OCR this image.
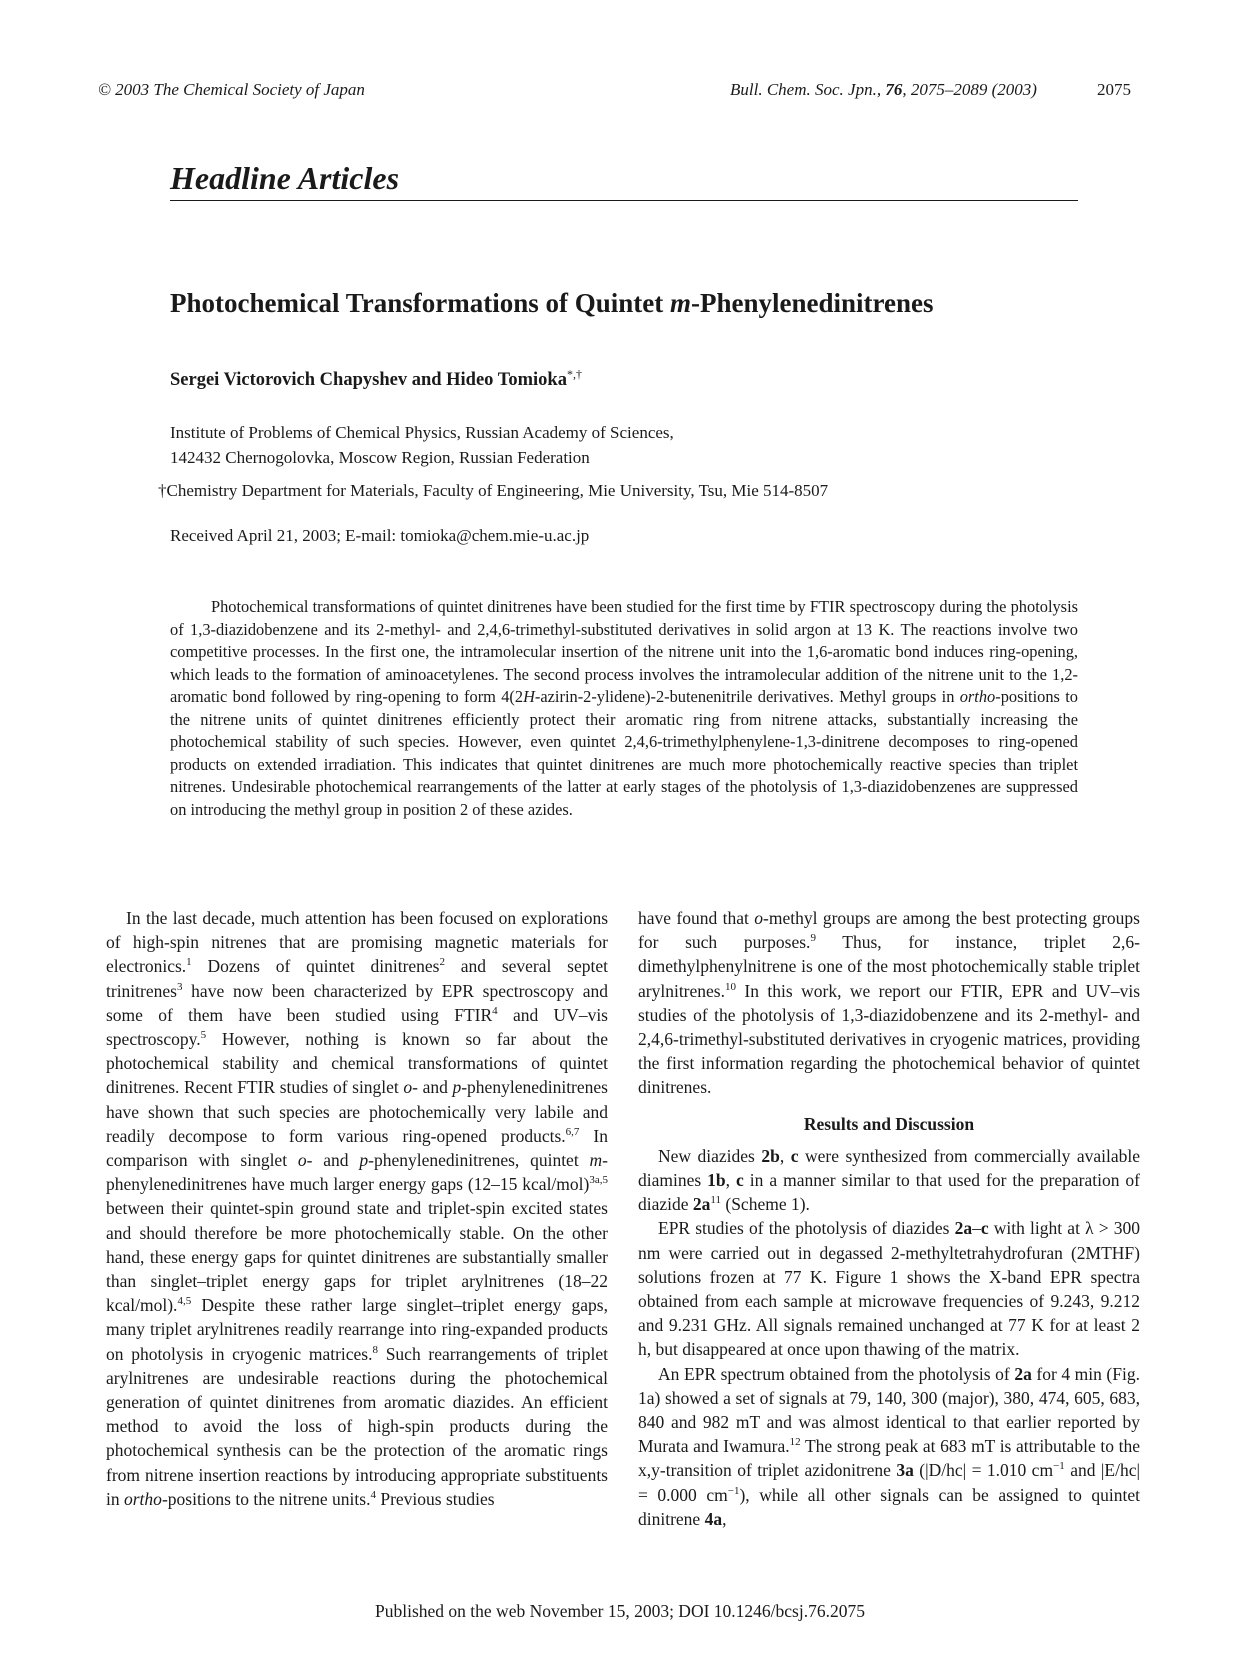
© 2003 The Chemical Society of Japan	Bull. Chem. Soc. Jpn., 76, 2075–2089 (2003)	2075
Headline Articles
Photochemical Transformations of Quintet m-Phenylenedinitrenes
Sergei Victorovich Chapyshev and Hideo Tomioka*,†
Institute of Problems of Chemical Physics, Russian Academy of Sciences,
142432 Chernogolovka, Moscow Region, Russian Federation
†Chemistry Department for Materials, Faculty of Engineering, Mie University, Tsu, Mie 514-8507
Received April 21, 2003; E-mail: tomioka@chem.mie-u.ac.jp

Photochemical transformations of quintet dinitrenes have been studied for the first time by FTIR spectroscopy during the photolysis of 1,3-diazidobenzene and its 2-methyl- and 2,4,6-trimethyl-substituted derivatives in solid argon at 13 K. The reactions involve two competitive processes. In the first one, the intramolecular insertion of the nitrene unit into the 1,6-aromatic bond induces ring-opening, which leads to the formation of aminoacetylenes. The second process involves the intramolecular addition of the nitrene unit to the 1,2-aromatic bond followed by ring-opening to form 4(2H-azirin-2-ylidene)-2-butenenitrile derivatives. Methyl groups in ortho-positions to the nitrene units of quintet dinitrenes efficiently protect their aromatic ring from nitrene attacks, substantially increasing the photochemical stability of such species. However, even quintet 2,4,6-trimethylphenylene-1,3-dinitrene decomposes to ring-opened products on extended irradiation. This indicates that quintet dinitrenes are much more photochemically reactive species than triplet nitrenes. Undesirable photochemical rearrangements of the latter at early stages of the photolysis of 1,3-diazidobenzenes are suppressed on introducing the methyl group in position 2 of these azides.

In the last decade, much attention has been focused on explorations of high-spin nitrenes that are promising magnetic materials for electronics.$^1$ Dozens of quintet dinitrenes$^2$ and several septet trinitrenes$^3$ have now been characterized by EPR spectroscopy and some of them have been studied using FTIR$^4$ and UV–vis spectroscopy.$^5$ However, nothing is known so far about the photochemical stability and chemical transformations of quintet dinitrenes. Recent FTIR studies of singlet o- and p-phenylenedinitrenes have shown that such species are photochemically very labile and readily decompose to form various ring-opened products.$^{6,7}$ In comparison with singlet o- and p-phenylenedinitrenes, quintet m-phenylenedinitrenes have much larger energy gaps (12–15 kcal/mol)$^{3a,5}$ between their quintet-spin ground state and triplet-spin excited states and should therefore be more photochemically stable. On the other hand, these energy gaps for quintet dinitrenes are substantially smaller than singlet–triplet energy gaps for triplet arylnitrenes (18–22 kcal/mol).$^{4,5}$ Despite these rather large singlet–triplet energy gaps, many triplet arylnitrenes readily rearrange into ring-expanded products on photolysis in cryogenic matrices.$^8$ Such rearrangements of triplet arylnitrenes are undesirable reactions during the photochemical generation of quintet dinitrenes from aromatic diazides. An efficient method to avoid the loss of high-spin products during the photochemical synthesis can be the protection of the aromatic rings from nitrene insertion reactions by introducing appropriate substituents in ortho-positions to the nitrene units.$^4$ Previous studies

have found that o-methyl groups are among the best protecting groups for such purposes.$^9$ Thus, for instance, triplet 2,6-dimethylphenylnitrene is one of the most photochemically stable triplet arylnitrenes.$^{10}$ In this work, we report our FTIR, EPR and UV–vis studies of the photolysis of 1,3-diazidobenzene and its 2-methyl- and 2,4,6-trimethyl-substituted derivatives in cryogenic matrices, providing the first information regarding the photochemical behavior of quintet dinitrenes.

Results and Discussion

New diazides 2b, c were synthesized from commercially available diamines 1b, c in a manner similar to that used for the preparation of diazide $2a^{11}$ (Scheme 1).

EPR studies of the photolysis of diazides 2a–c with light at λ > 300 nm were carried out in degassed 2-methyltetrahydrofuran (2MTHF) solutions frozen at 77 K. Figure 1 shows the X-band EPR spectra obtained from each sample at microwave frequencies of 9.243, 9.212 and 9.231 GHz. All signals remained unchanged at 77 K for at least 2 h, but disappeared at once upon thawing of the matrix.

An EPR spectrum obtained from the photolysis of 2a for 4 min (Fig. 1a) showed a set of signals at 79, 140, 300 (major), 380, 474, 605, 683, 840 and 982 mT and was almost identical to that earlier reported by Murata and Iwamura.$^{12}$ The strong peak at 683 mT is attributable to the x,y-transition of triplet azidonitrene 3a (|D/hc| = 1.010 $cm^{-1}$ and |E/hc| = 0.000 $cm^{-1}$), while all other signals can be assigned to quintet dinitrene 4a,

Published on the web November 15, 2003; DOI 10.1246/bcsj.76.2075
